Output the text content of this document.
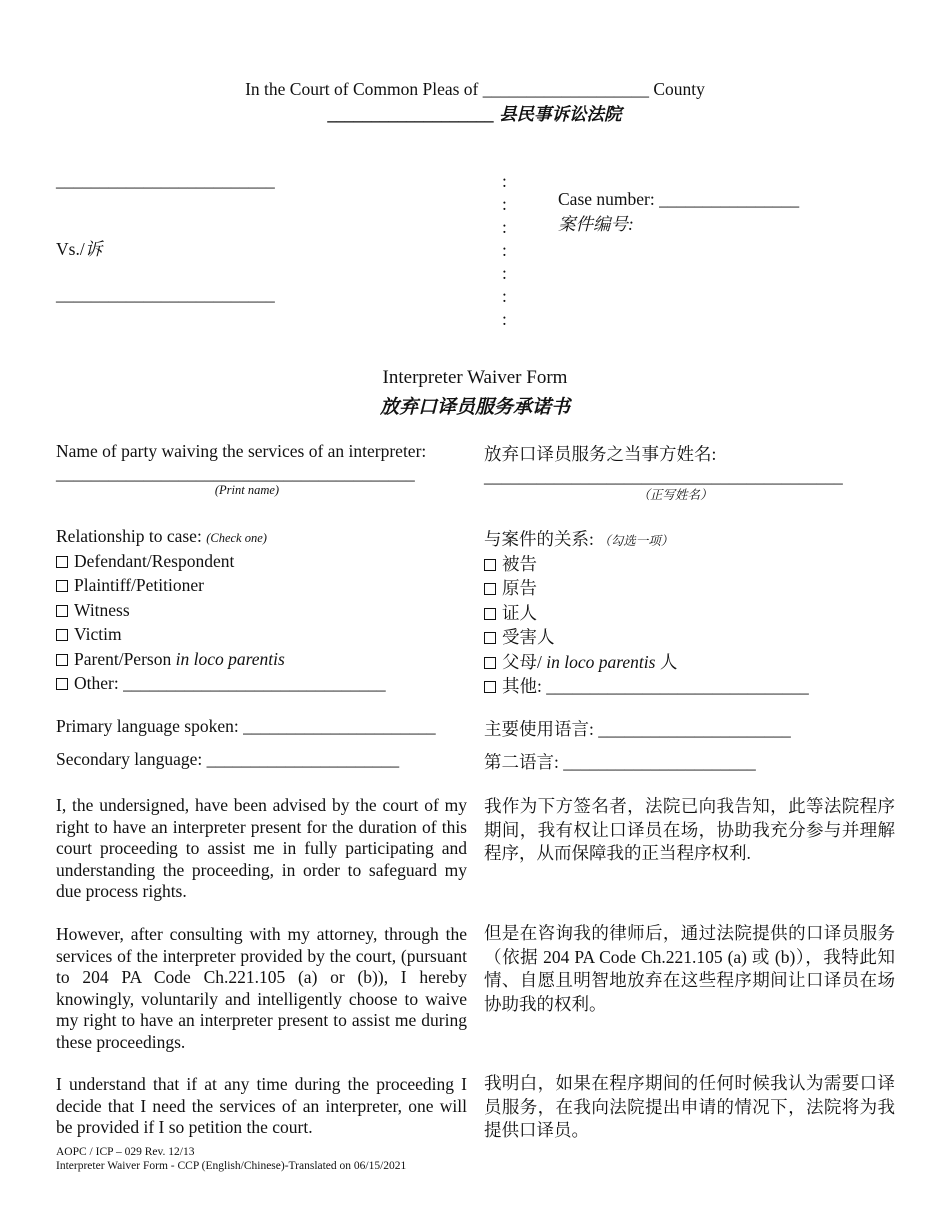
In the Court of Common Pleas of ___________________ County
___________________ 县民事诉讼法院
_________________________
Vs./诉
_________________________
:
:
:
:
:
:
:
Case number: ________________
案件编号:
Interpreter Waiver Form
放弃口译员服务承诺书
Name of party waiving the services of an interpreter:
_________________________________________
(Print name)
放弃口译员服务之当事方姓名:
_________________________________________
（正写姓名）
Relationship to case: (Check one)
Defendant/Respondent
Plaintiff/Petitioner
Witness
Victim
Parent/Person in loco parentis
Other: ______________________________
与案件的关系: （勾选一项）
被告
原告
证人
受害人
父母/ in loco parentis 人
其他: ______________________________
Primary language spoken: ______________________
Secondary language: ______________________
主要使用语言: ______________________
第二语言: ______________________
I, the undersigned, have been advised by the court of my right to have an interpreter present for the duration of this court proceeding to assist me in fully participating and understanding the proceeding, in order to safeguard my due process rights.
我作为下方签名者，法院已向我告知，此等法院程序期间，我有权让口译员在场，协助我充分参与并理解程序，从而保障我的正当程序权利.
However, after consulting with my attorney, through the services of the interpreter provided by the court, (pursuant to 204 PA Code Ch.221.105 (a) or (b)), I hereby knowingly, voluntarily and intelligently choose to waive my right to have an interpreter present to assist me during these proceedings.
但是在咨询我的律师后，通过法院提供的口译员服务（依据 204 PA Code Ch.221.105 (a) 或 (b)），我特此知情、自愿且明智地放弃在这些程序期间让口译员在场协助我的权利。
I understand that if at any time during the proceeding I decide that I need the services of an interpreter, one will be provided if I so petition the court.
我明白，如果在程序期间的任何时候我认为需要口译员服务，在我向法院提出申请的情况下，法院将为我提供口译员。
AOPC / ICP – 029 Rev. 12/13
Interpreter Waiver Form - CCP (English/Chinese)-Translated on 06/15/2021
